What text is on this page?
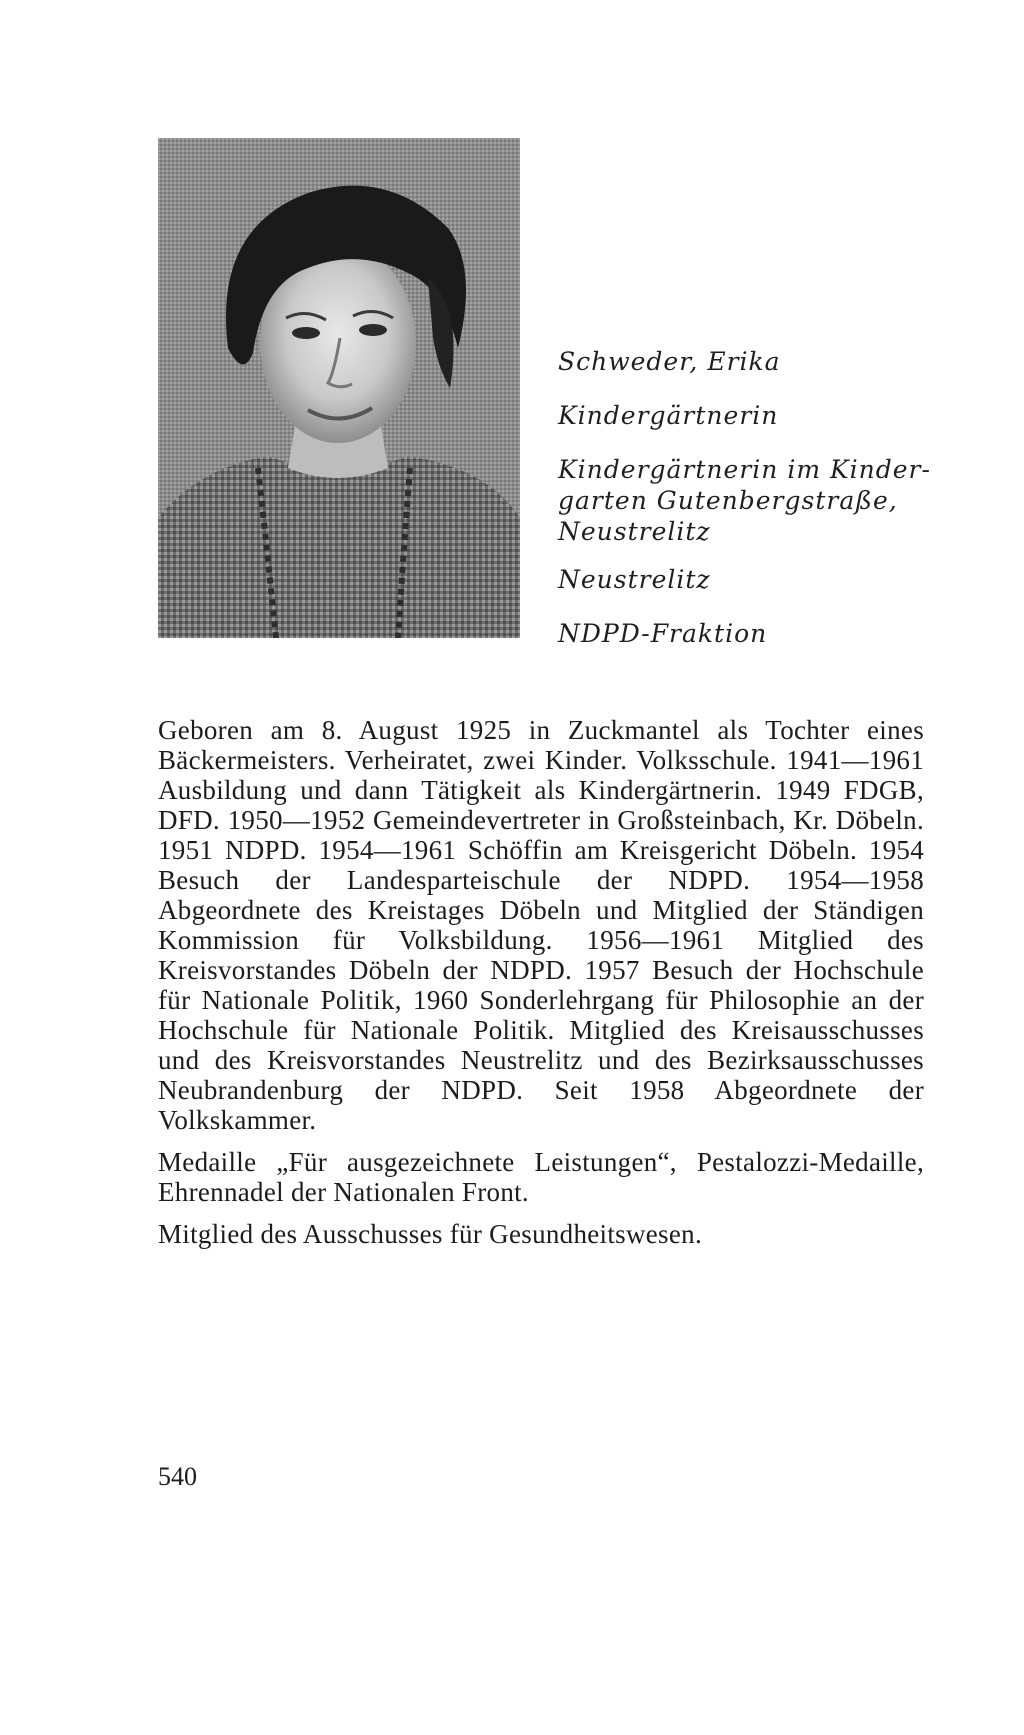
Schweder, Erika

Kindergärtnerin

Kindergärtnerin im Kinder- garten Gutenbergstraße, Neustrelitz

Neustrelitz

NDPD-Fraktion

Geboren am 8. August 1925 in Zuckmantel als Tochter eines Bäckermeisters. Verheiratet, zwei Kinder. Volksschule. 1941—1961 Ausbildung und dann Tätigkeit als Kindergärtnerin. 1949 FDGB, DFD. 1950—1952 Gemeindevertreter in Großsteinbach, Kr. Döbeln. 1951 NDPD. 1954—1961 Schöffin am Kreisgericht Döbeln. 1954 Besuch der Landesparteischule der NDPD. 1954—1958 Abgeordnete des Kreistages Döbeln und Mitglied der Ständigen Kommission für Volksbildung. 1956—1961 Mitglied des Kreisvorstandes Döbeln der NDPD. 1957 Besuch der Hochschule für Nationale Politik, 1960 Sonderlehrgang für Philosophie an der Hochschule für Nationale Politik. Mitglied des Kreisausschusses und des Kreisvorstandes Neustrelitz und des Bezirksausschusses Neubrandenburg der NDPD. Seit 1958 Abgeordnete der Volkskammer.

Medaille „Für ausgezeichnete Leistungen“, Pestalozzi-Medaille, Ehrennadel der Nationalen Front.

Mitglied des Ausschusses für Gesundheitswesen.

540
